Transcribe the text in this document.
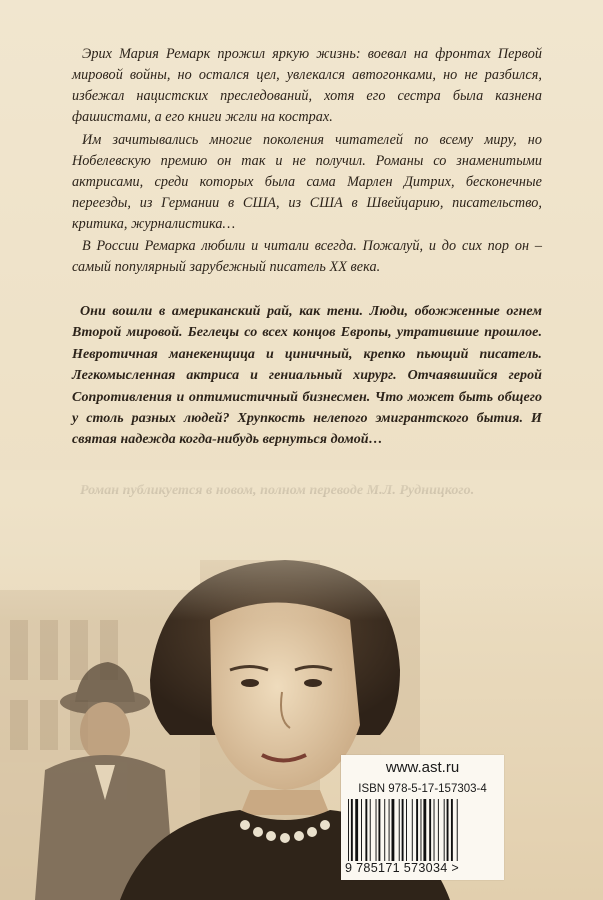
Эрих Мария Ремарк прожил яркую жизнь: воевал на фронтах Первой мировой войны, но остался цел, увлекался автогонками, но не разбился, избежал нацистских преследований, хотя его сестра была казнена фашистами, а его книги жгли на кострах.

Им зачитывались многие поколения читателей по всему миру, но Нобелевскую премию он так и не получил. Романы со знаменитыми актрисами, среди которых была сама Марлен Дитрих, бесконечные переезды, из Германии в США, из США в Швейцарию, писательство, критика, журналистика…

В России Ремарка любили и читали всегда. Пожалуй, и до сих пор он – самый популярный зарубежный писатель XX века.

Они вошли в американский рай, как тени. Люди, обожженные огнем Второй мировой. Беглецы со всех концов Европы, утратившие прошлое. Невротичная манекенщица и циничный, крепко пьющий писатель. Легкомысленная актриса и гениальный хирург. Отчаявшийся герой Сопротивления и оптимистичный бизнесмен. Что может быть общего у столь разных людей? Хрупкость нелепого эмигрантского бытия. И святая надежда когда-нибудь вернуться домой…

www.ast.ru
ISBN 978-5-17-157303-4
9 785171 573034 >
